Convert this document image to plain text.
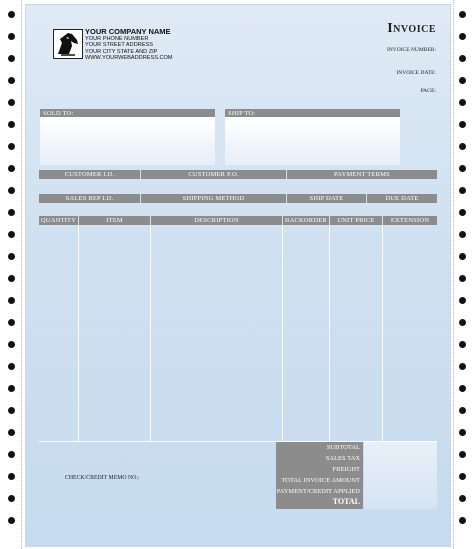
YOUR COMPANY NAME
YOUR PHONE NUMBER
YOUR STREET ADDRESS
YOUR CITY STATE AND ZIP
WWW.YOURWEBADDRESS.COM
Invoice
INVOICE NUMBER:
INVOICE DATE:
PAGE:
SOLD TO:	SHIP TO:
CUSTOMER I.D.	CUSTOMER P.O.	PAYMENT TERMS
SALES REP I.D.	SHIPPING METHOD	SHIP DATE	DUE DATE
QUANTITY	ITEM	DESCRIPTION	BACKORDER	UNIT PRICE	EXTENSION
CHECK/CREDIT MEMO NO.:
SUBTOTAL
SALES TAX
FREIGHT
TOTAL INVOICE AMOUNT
PAYMENT/CREDIT APPLIED
TOTAL
